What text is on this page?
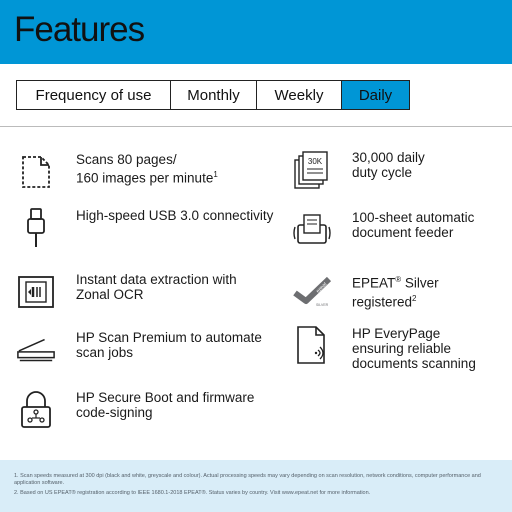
Features
Frequency of use	Monthly	Weekly	Daily
Scans 80 pages/
160 images per minute$^1$
High-speed USB 3.0 connectivity
Instant data extraction with
Zonal OCR
HP Scan Premium to automate
scan jobs
HP Secure Boot and firmware
code-signing
30K 30,000 daily
duty cycle
100-sheet automatic
document feeder
epeat
SILVER
EPEAT® Silver
registered$^2$
HP EveryPage
ensuring reliable
documents scanning
1. Scan speeds measured at 300 dpi (black and white, greyscale and colour). Actual processing speeds may vary depending on scan resolution, network conditions, computer performance and application software.
2. Based on US EPEAT® registration according to IEEE 1680.1-2018 EPEAT®. Status varies by country. Visit www.epeat.net for more information.
